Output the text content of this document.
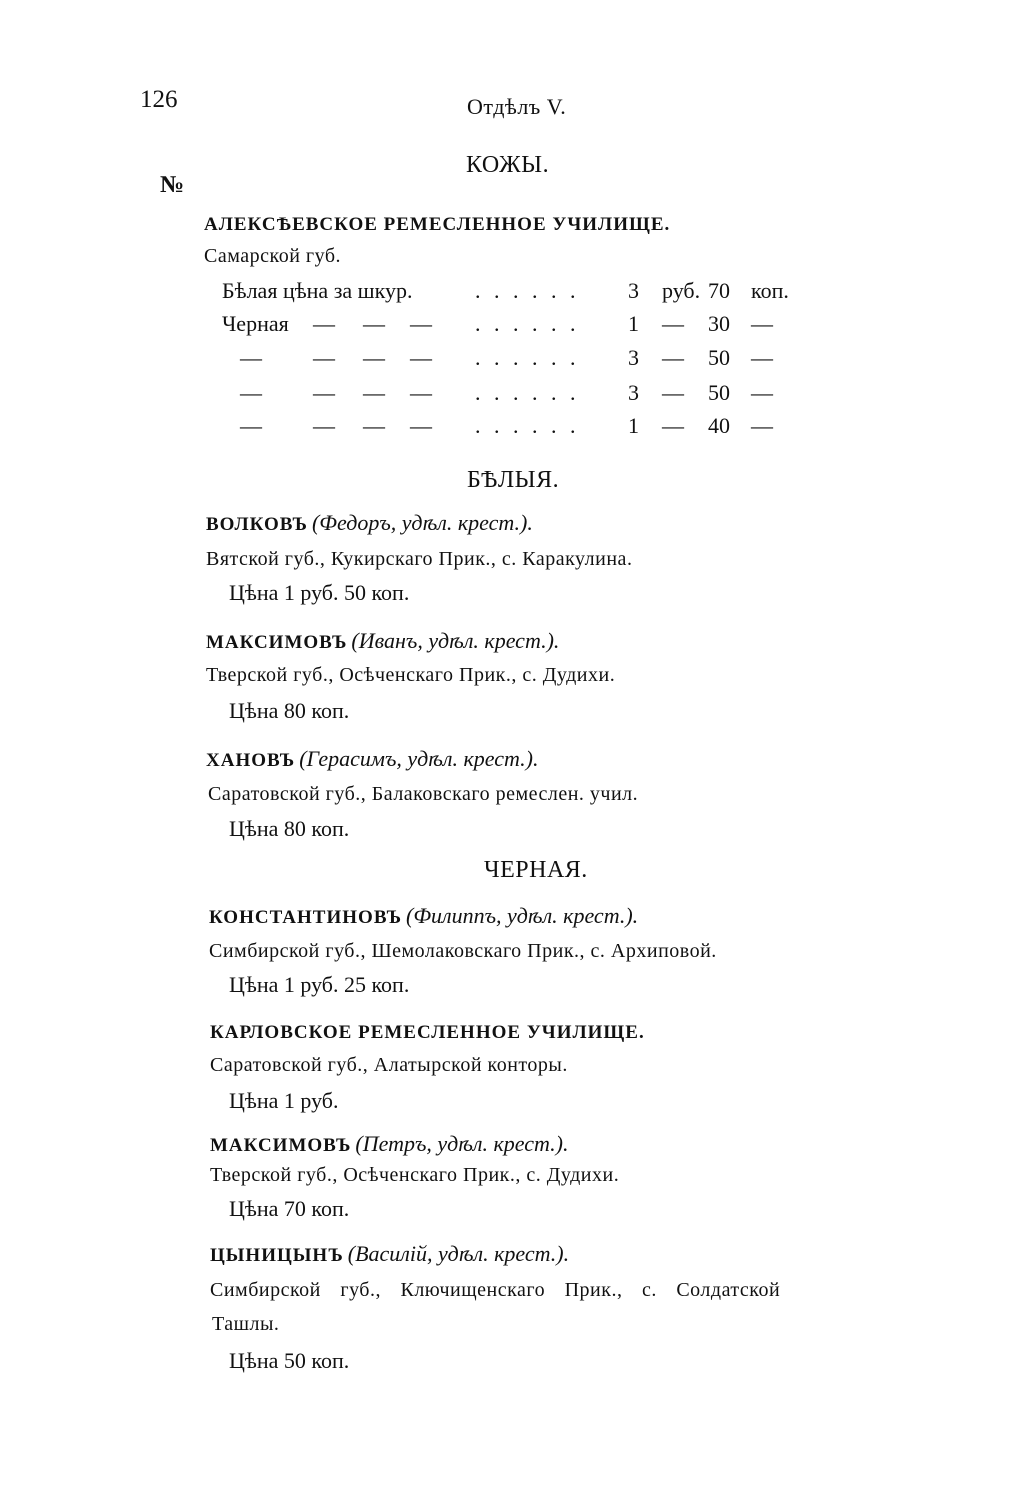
126	Отдѣлъ V.
КОЖЫ.
№
АЛЕКСѢЕВСКОЕ РЕМЕСЛЕННОЕ УЧИЛИЩЕ.
Самарской губ.
Бѣлая цѣна за шкур.	. . . . . . 3 руб. 70 коп.
Черная — — — . . . . . . 1 — 30 —
— — — — . . . . . . 3 — 50 —
— — — — . . . . . . 3 — 50 —
— — — — . . . . . . 1 — 40 —
БѢЛЫЯ.
ВОЛКОВЪ (Федоръ, удѣл. крест.).
Вятской губ., Кукирскаго Прик., с. Каракулина.
Цѣна 1 руб. 50 коп.
МАКСИМОВЪ (Иванъ, удѣл. крест.).
Тверской губ., Осѣченскаго Прик., с. Дудихи.
Цѣна 80 коп.
ХАНОВЪ (Герасимъ, удѣл. крест.).
Саратовской губ., Балаковскаго ремеслен. учил.
Цѣна 80 коп.
ЧЕРНАЯ.
КОНСТАНТИНОВЪ (Филиппъ, удѣл. крест.).
Симбирской губ., Шемолаковскаго Прик., с. Архиповой.
Цѣна 1 руб. 25 коп.
КАРЛОВСКОЕ РЕМЕСЛЕННОЕ УЧИЛИЩЕ.
Саратовской губ., Алатырской конторы.
Цѣна 1 руб.
МАКСИМОВЪ (Петръ, удѣл. крест.).
Тверской губ., Осѣченскаго Прик., с. Дудихи.
Цѣна 70 коп.
ЦЫНИЦЫНЪ (Василій, удѣл. крест.).
Симбирской губ., Ключищенскаго Прик., с. Солдатской
Ташлы.
Цѣна 50 коп.
